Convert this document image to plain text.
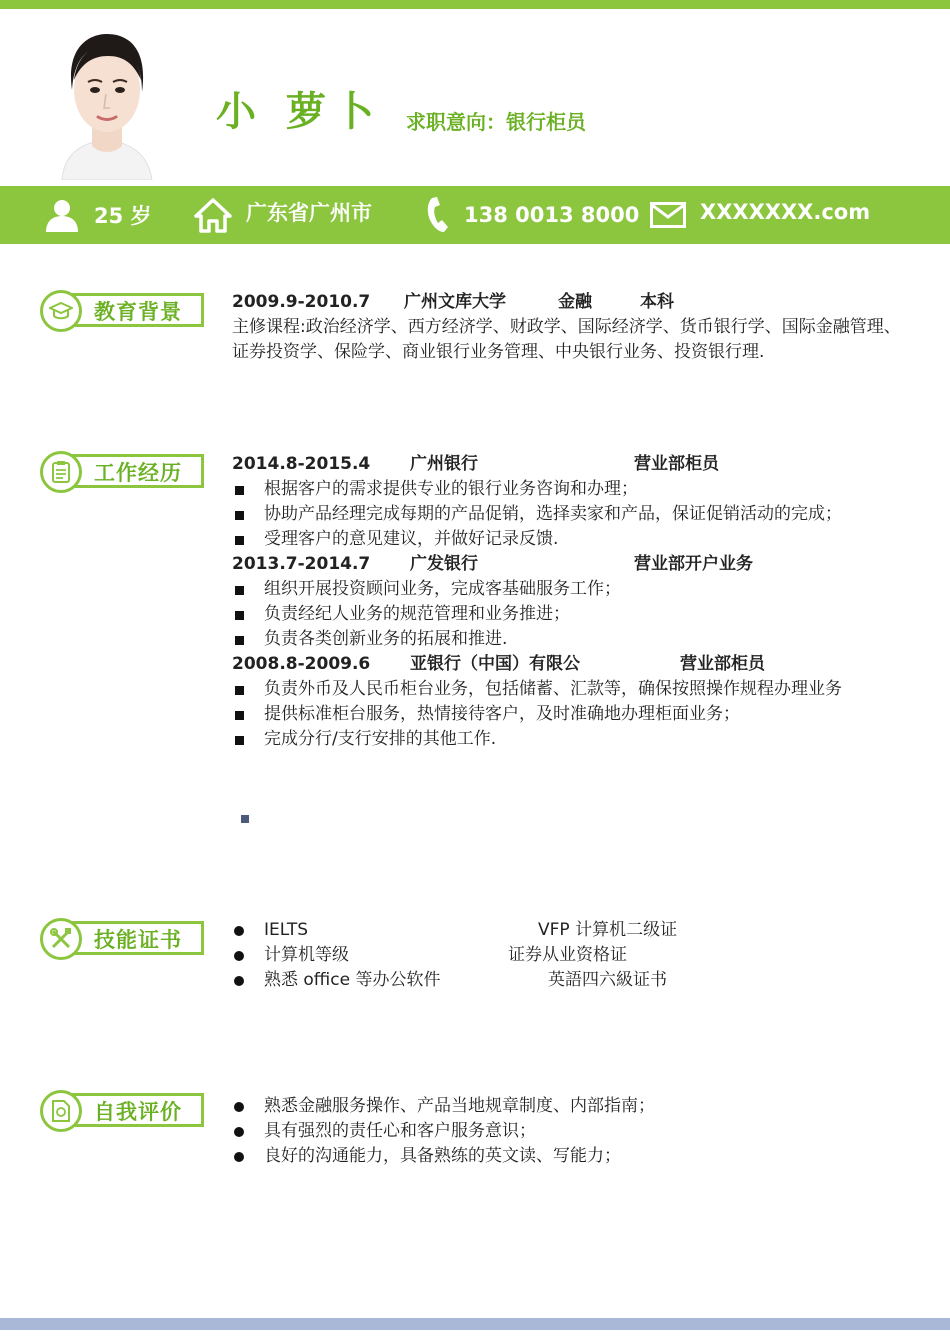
小 萝卜 求职意向：银行柜员
25 岁	广东省广州市	138 0013 8000	XXXXXXX.com
教育背景	2009.9-2010.7 广州文库大学	金融	本科
主修课程:政治经济学、西方经济学、财政学、国际经济学、货币银行学、国际金融管理、证券投资学、保险学、商业银行业务管理、中央银行业务、投资银行理.
工作经历	2014.8-2015.4 广州银行	营业部柜员
根据客户的需求提供专业的银行业务咨询和办理；
协助产品经理完成每期的产品促销，选择卖家和产品，保证促销活动的完成；
受理客户的意见建议，并做好记录反馈.
2013.7-2014.7 广发银行	营业部开户业务
组织开展投资顾问业务，完成客基础服务工作；
负责经纪人业务的规范管理和业务推进；
负责各类创新业务的拓展和推进.
2008.8-2009.6 亚银行（中国）有限公	营业部柜员
负责外币及人民币柜台业务，包括储蓄、汇款等，确保按照操作规程办理业务
提供标准柜台服务，热情接待客户，及时准确地办理柜面业务；
完成分行/支行安排的其他工作.
技能证书	IELTS	VFP 计算机二级证
计算机等级	证券从业资格证
熟悉 office 等办公软件	英語四六級证书
自我评价	熟悉金融服务操作、产品当地规章制度、内部指南；
具有强烈的责任心和客户服务意识；
良好的沟通能力，具备熟练的英文读、写能力；
